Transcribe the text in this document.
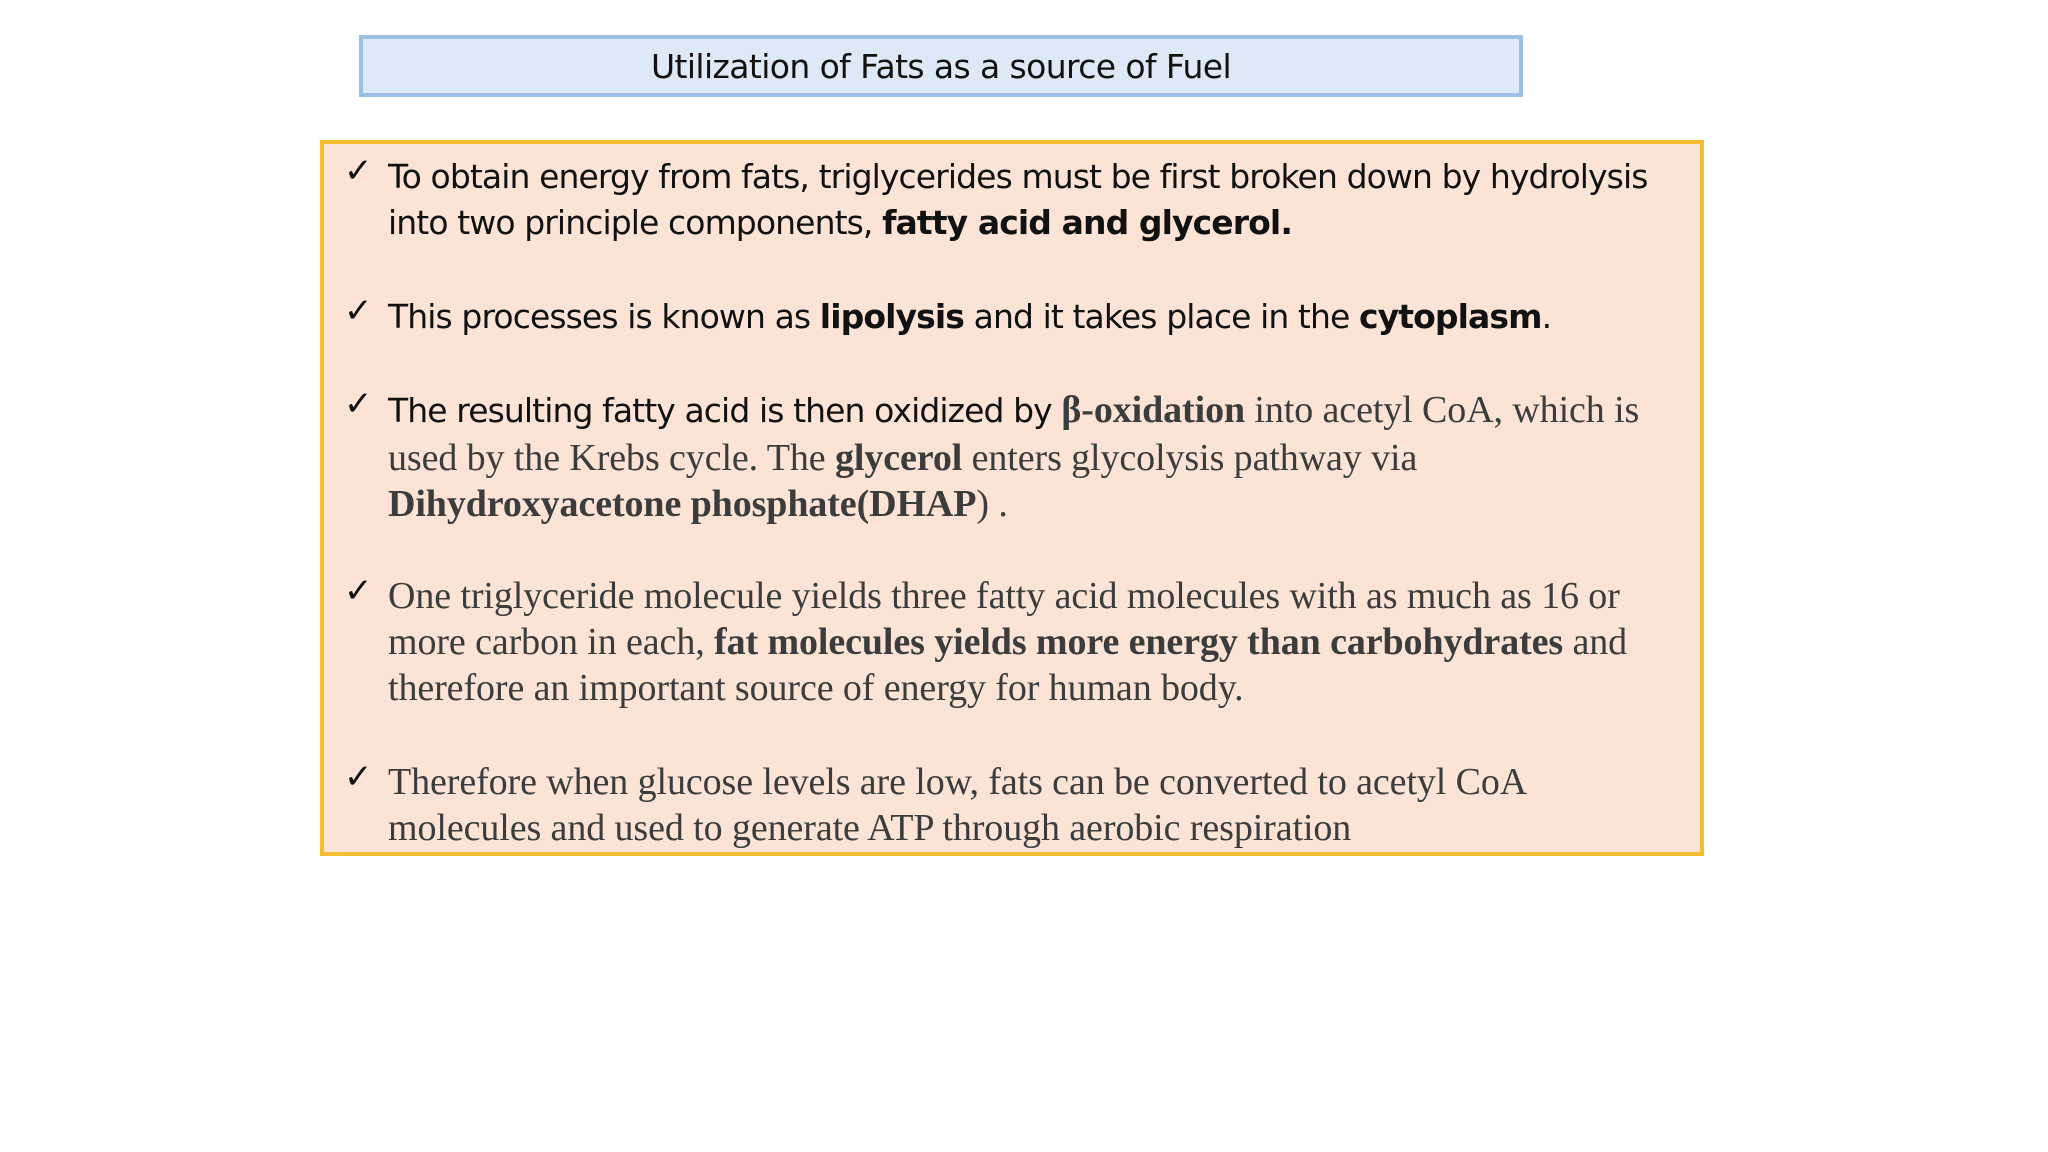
Utilization of Fats as a source of Fuel
✓ To obtain energy from fats, triglycerides must be first broken down by hydrolysis
into two principle components, fatty acid and glycerol.

✓ This processes is known as lipolysis and it takes place in the cytoplasm.

✓ The resulting fatty acid is then oxidized by β-oxidation into acetyl CoA, which is
used by the Krebs cycle. The glycerol enters glycolysis pathway via
Dihydroxyacetone phosphate(DHAP) .

✓ One triglyceride molecule yields three fatty acid molecules with as much as 16 or
more carbon in each, fat molecules yields more energy than carbohydrates and
therefore an important source of energy for human body.

✓ Therefore when glucose levels are low, fats can be converted to acetyl CoA
molecules and used to generate ATP through aerobic respiration
